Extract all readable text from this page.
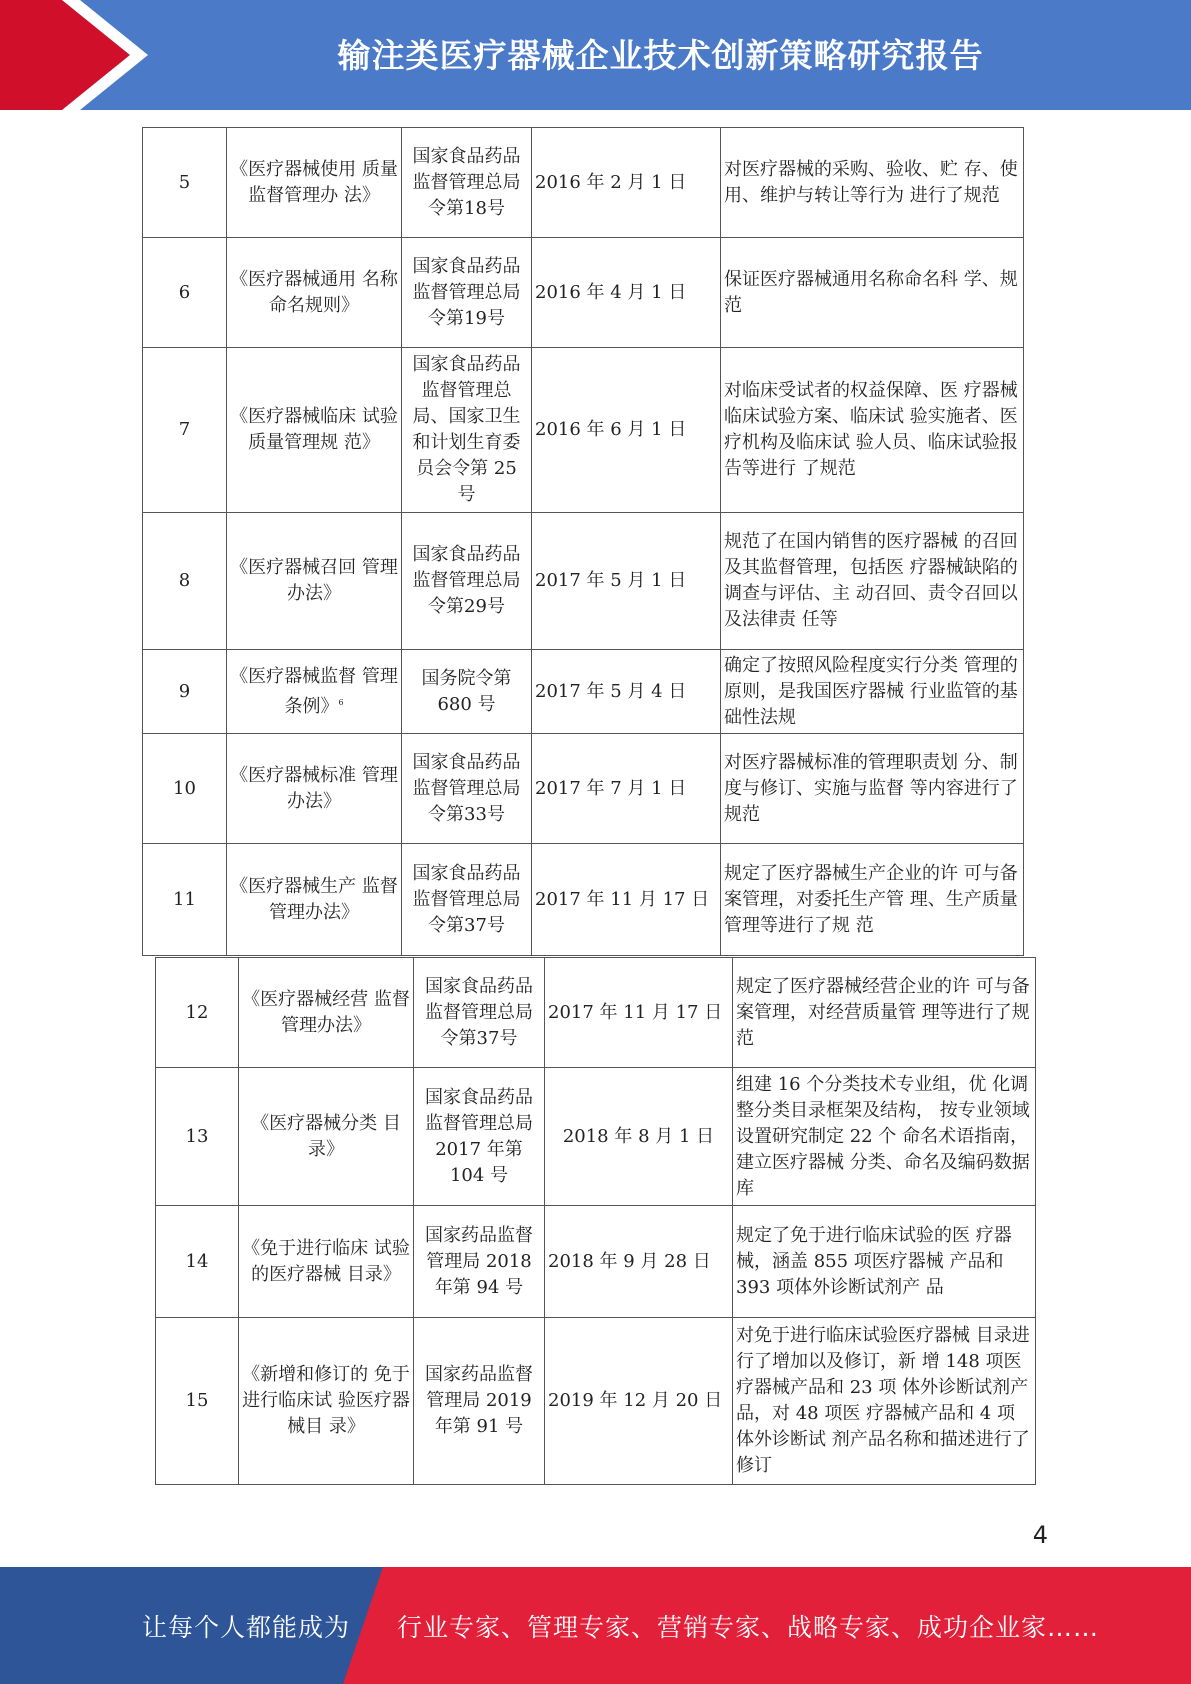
输注类医疗器械企业技术创新策略研究报告
5	《医疗器械使用 质量监督管理办 法》	国家食品药品监督管理总局令第18号	2016 年 2 月 1 日	对医疗器械的采购、验收、贮 存、使用、维护与转让等行为 进行了规范
6	《医疗器械通用 名称命名规则》	国家食品药品监督管理总局令第19号	2016 年 4 月 1 日	保证医疗器械通用名称命名科 学、规范
7	《医疗器械临床 试验质量管理规 范》	国家食品药品监督管理总局、国家卫生和计划生育委员会令第 25 号	2016 年 6 月 1 日	对临床受试者的权益保障、医 疗器械临床试验方案、临床试 验实施者、医疗机构及临床试 验人员、临床试验报告等进行 了规范
8	《医疗器械召回 管理办法》	国家食品药品监督管理总局令第29号	2017 年 5 月 1 日	规范了在国内销售的医疗器械 的召回及其监督管理，包括医 疗器械缺陷的调查与评估、主 动召回、责令召回以及法律责 任等
9	《医疗器械监督 管理条例》$^6$	国务院令第 680 号	2017 年 5 月 4 日	确定了按照风险程度实行分类 管理的原则，是我国医疗器械 行业监管的基础性法规
10	《医疗器械标准 管理办法》	国家食品药品监督管理总局令第33号	2017 年 7 月 1 日	对医疗器械标准的管理职责划 分、制度与修订、实施与监督 等内容进行了规范
11	《医疗器械生产 监督管理办法》	国家食品药品监督管理总局令第37号	2017 年 11 月 17 日	规定了医疗器械生产企业的许 可与备案管理，对委托生产管 理、生产质量管理等进行了规 范
12	《医疗器械经营 监督管理办法》	国家食品药品监督管理总局令第37号	2017 年 11 月 17 日	规定了医疗器械经营企业的许 可与备案管理，对经营质量管 理等进行了规范
13	《医疗器械分类 目录》	国家食品药品监督管理总局 2017 年第 104 号	2018 年 8 月 1 日	组建 16 个分类技术专业组，优 化调整分类目录框架及结构， 按专业领域设置研究制定 22 个 命名术语指南，建立医疗器械 分类、命名及编码数据库
14	《免于进行临床 试验的医疗器械 目录》	国家药品监督管理局 2018 年第 94 号	2018 年 9 月 28 日	规定了免于进行临床试验的医 疗器械，涵盖 855 项医疗器械 产品和 393 项体外诊断试剂产 品
15	《新增和修订的 免于进行临床试 验医疗器械目 录》	国家药品监督管理局 2019 年第 91 号	2019 年 12 月 20 日	对免于进行临床试验医疗器械 目录进行了增加以及修订，新 增 148 项医疗器械产品和 23 项 体外诊断试剂产品，对 48 项医 疗器械产品和 4 项体外诊断试 剂产品名称和描述进行了修订
4
让每个人都能成为 行业专家、管理专家、营销专家、战略专家、成功企业家……
